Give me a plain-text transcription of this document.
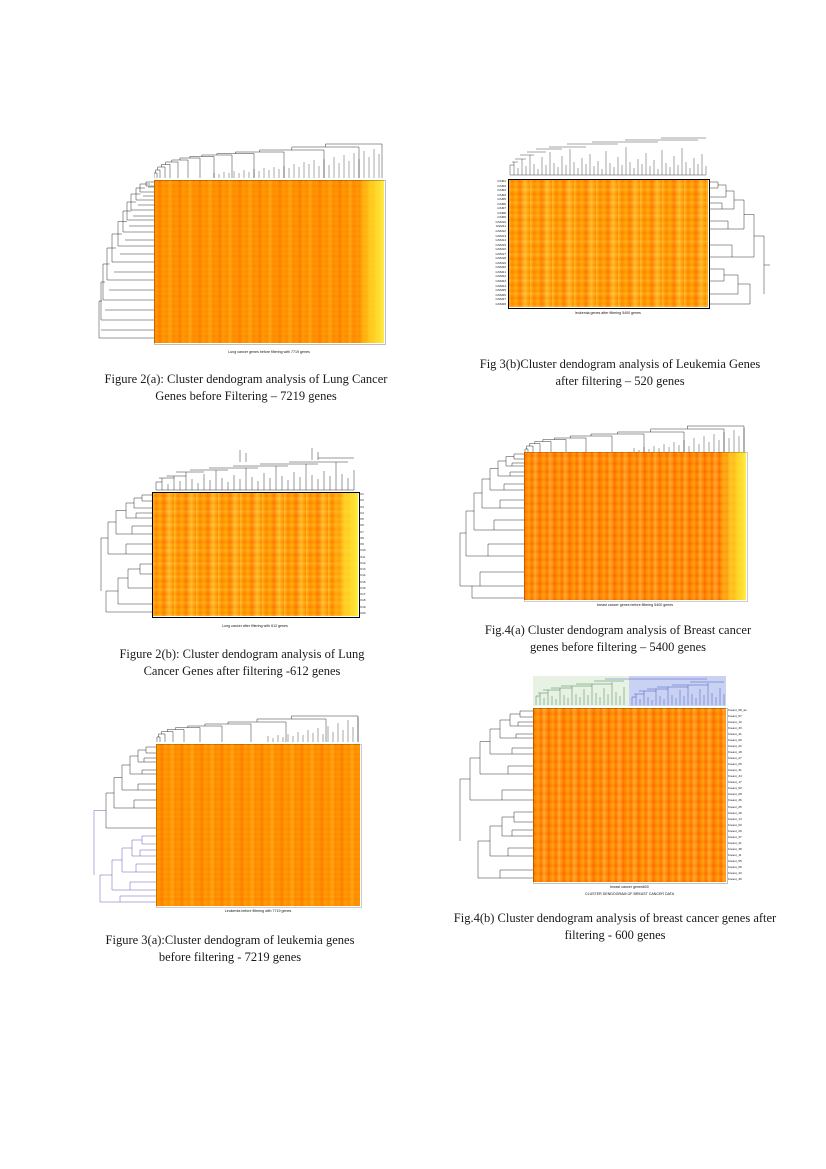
Lung cancer genes before filtering with 7719 genes
Figure 2(a): Cluster dendogram analysis of Lung Cancer Genes before Filtering – 7219 genes
GSM1
GSM2
GSM3
GSM4
GSM5
GSM6
GSM7
GSM8
GSM9
GSM10
GSM11
GSM12
GSM13
GSM14
GSM15
GSM16
GSM17
GSM18
GSM19
GSM20
GSM21
GSM22
GSM23
GSM24
GSM25
GSM26
GSM27
GSM28
leukemia genes after filtering 5400 genes
Fig 3(b)Cluster dendogram analysis of Leukemia Genes after filtering – 520 genes
X1
X2
X3
X4
X5
X6
X7
X8
X9
X10
X11
X12
X13
X14
X15
X16
X17
X18
X19
X20
Lung cancer after filtering with 612 genes
Figure 2(b): Cluster dendogram analysis of Lung Cancer Genes after filtering -612 genes

breast cancer genes before filtering 5400 genes
Fig.4(a) Cluster dendogram analysis of Breast cancer genes before filtering – 5400 genes
Leukemia before filtering with 7719 genes
Figure 3(a):Cluster dendogram of leukemia genes before filtering - 7219 genes
breast_58_ae
breast_57
breast_12
breast_33
breast_41
breast_09
breast_22
breast_18
breast_27
breast_05
breast_31
breast_44
breast_17
breast_52
breast_08
breast_36
breast_25
breast_49
breast_14
breast_03
breast_29
breast_47
breast_21
breast_38
breast_11
breast_55
breast_06
breast_43
breast_30
breast cancer genes600
CLUSTER DENDOGRAM OF BREAST CANCER DATA
Fig.4(b) Cluster dendogram analysis of breast cancer genes after filtering - 600 genes
